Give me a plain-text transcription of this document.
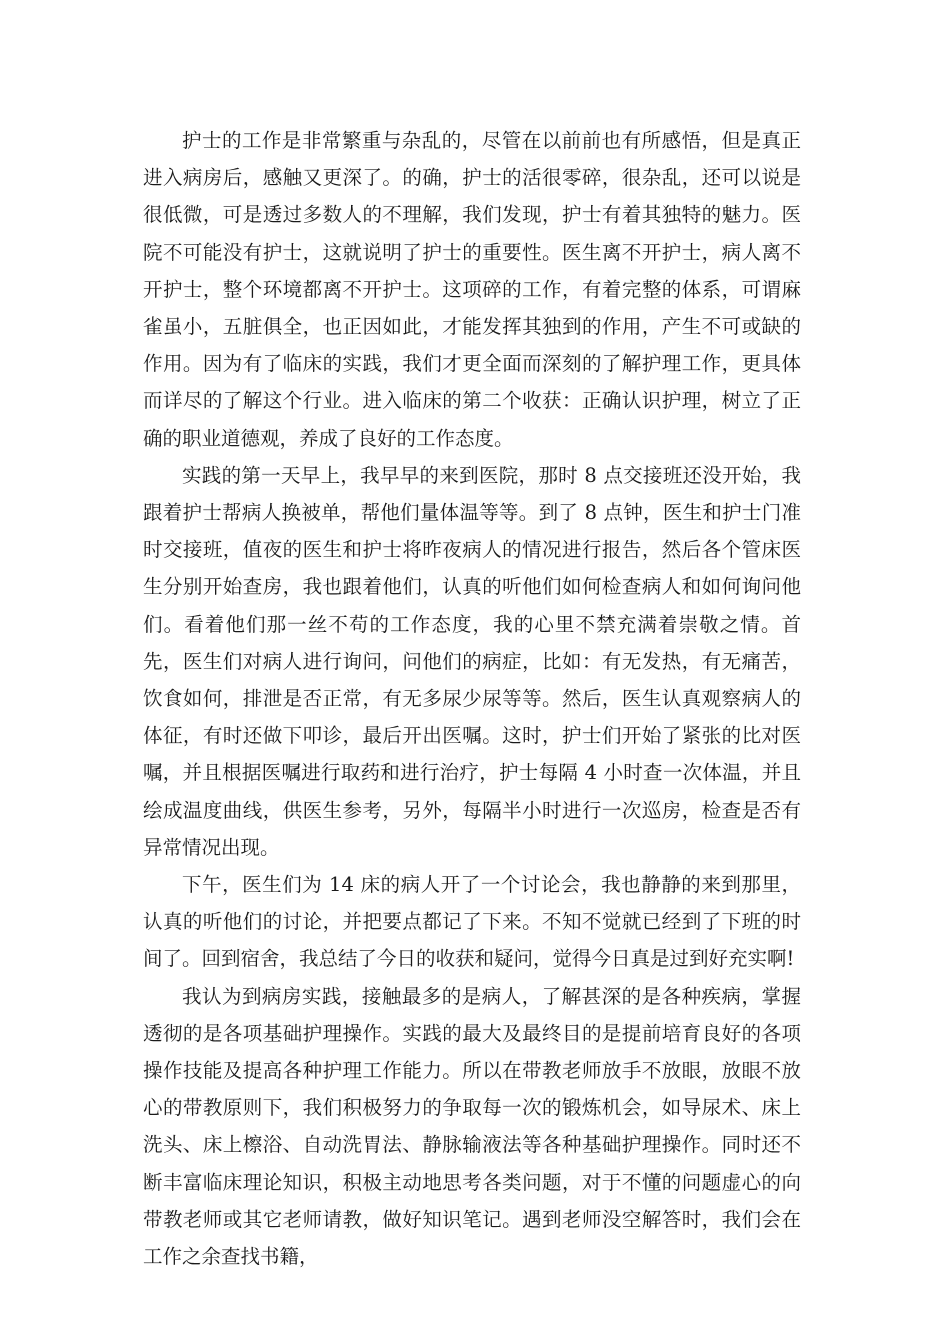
护士的工作是非常繁重与杂乱的，尽管在以前前也有所感悟，但是真正进入病房后，感触又更深了。的确，护士的活很零碎，很杂乱，还可以说是很低微，可是透过多数人的不理解，我们发现，护士有着其独特的魅力。医院不可能没有护士，这就说明了护士的重要性。医生离不开护士，病人离不开护士，整个环境都离不开护士。这项碎的工作，有着完整的体系，可谓麻雀虽小，五脏俱全，也正因如此，才能发挥其独到的作用，产生不可或缺的作用。因为有了临床的实践，我们才更全面而深刻的了解护理工作，更具体而详尽的了解这个行业。进入临床的第二个收获：正确认识护理，树立了正确的职业道德观，养成了良好的工作态度。

实践的第一天早上，我早早的来到医院，那时 8 点交接班还没开始，我跟着护士帮病人换被单，帮他们量体温等等。到了 8 点钟，医生和护士门准时交接班，值夜的医生和护士将昨夜病人的情况进行报告，然后各个管床医生分别开始查房，我也跟着他们，认真的听他们如何检查病人和如何询问他们。看着他们那一丝不苟的工作态度，我的心里不禁充满着崇敬之情。首先，医生们对病人进行询问，问他们的病症，比如：有无发热，有无痛苦，饮食如何，排泄是否正常，有无多尿少尿等等。然后，医生认真观察病人的体征，有时还做下叩诊，最后开出医嘱。这时，护士们开始了紧张的比对医嘱，并且根据医嘱进行取药和进行治疗，护士每隔 4 小时查一次体温，并且绘成温度曲线，供医生参考，另外，每隔半小时进行一次巡房，检查是否有异常情况出现。

下午，医生们为 14 床的病人开了一个讨论会，我也静静的来到那里，认真的听他们的讨论，并把要点都记了下来。不知不觉就已经到了下班的时间了。回到宿舍，我总结了今日的收获和疑问，觉得今日真是过到好充实啊!

我认为到病房实践，接触最多的是病人，了解甚深的是各种疾病，掌握透彻的是各项基础护理操作。实践的最大及最终目的是提前培育良好的各项操作技能及提高各种护理工作能力。所以在带教老师放手不放眼，放眼不放心的带教原则下，我们积极努力的争取每一次的锻炼机会，如导尿术、床上洗头、床上檫浴、自动洗胃法、静脉输液法等各种基础护理操作。同时还不断丰富临床理论知识，积极主动地思考各类问题，对于不懂的问题虚心的向带教老师或其它老师请教，做好知识笔记。遇到老师没空解答时，我们会在工作之余查找书籍，
